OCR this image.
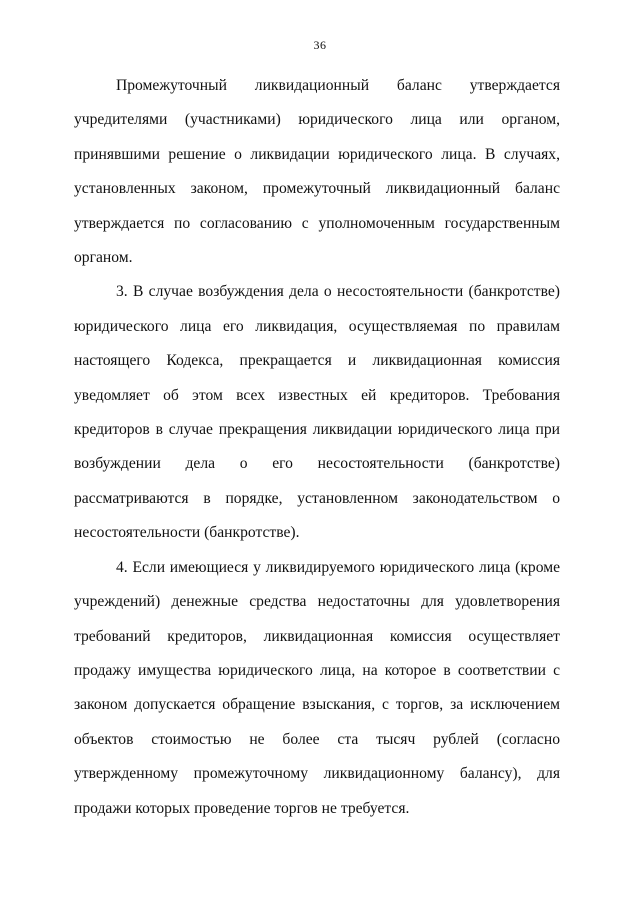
36

Промежуточный ликвидационный баланс утверждается учредителями (участниками) юридического лица или органом, принявшими решение о ликвидации юридического лица. В случаях, установленных законом, промежуточный ликвидационный баланс утверждается по согласованию с уполномоченным государственным органом.

3. В случае возбуждения дела о несостоятельности (банкротстве) юридического лица его ликвидация, осуществляемая по правилам настоящего Кодекса, прекращается и ликвидационная комиссия уведомляет об этом всех известных ей кредиторов. Требования кредиторов в случае прекращения ликвидации юридического лица при возбуждении дела о его несостоятельности (банкротстве) рассматриваются в порядке, установленном законодательством о несостоятельности (банкротстве).

4. Если имеющиеся у ликвидируемого юридического лица (кроме учреждений) денежные средства недостаточны для удовлетворения требований кредиторов, ликвидационная комиссия осуществляет продажу имущества юридического лица, на которое в соответствии с законом допускается обращение взыскания, с торгов, за исключением объектов стоимостью не более ста тысяч рублей (согласно утвержденному промежуточному ликвидационному балансу), для продажи которых проведение торгов не требуется.
